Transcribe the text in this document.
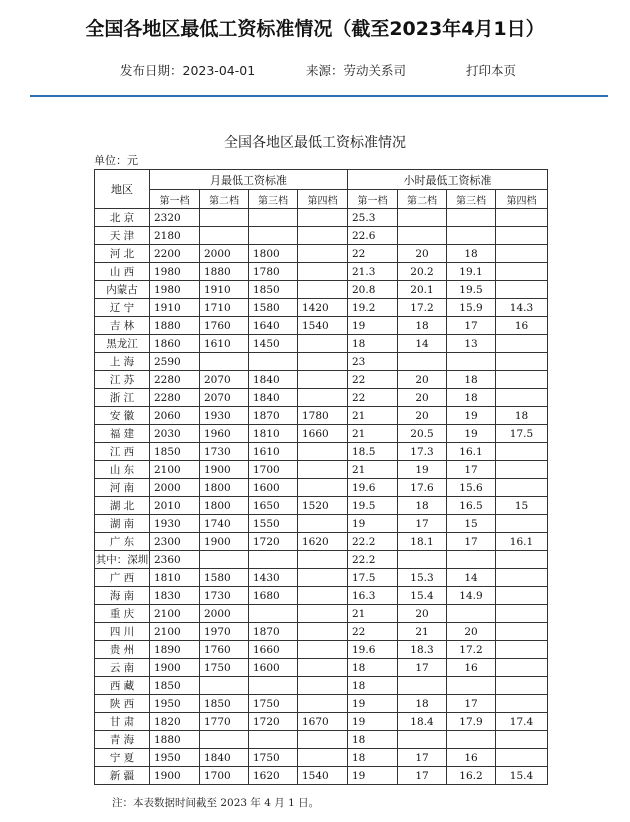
全国各地区最低工资标准情况（截至2023年4月1日）
发布日期：2023-04-01	来源：劳动关系司	打印本页
全国各地区最低工资标准情况
单位：元
地区	月最低工资标准				小时最低工资标准			
	第一档	第二档	第三档	第四档	第一档	第二档	第三档	第四档
北 京	2320				25.3			
天 津	2180				22.6			
河 北	2200	2000	1800		22	20	18	
山 西	1980	1880	1780		21.3	20.2	19.1	
内蒙古	1980	1910	1850		20.8	20.1	19.5	
辽 宁	1910	1710	1580	1420	19.2	17.2	15.9	14.3
吉 林	1880	1760	1640	1540	19	18	17	16
黑龙江	1860	1610	1450		18	14	13	
上 海	2590				23			
江 苏	2280	2070	1840		22	20	18	
浙 江	2280	2070	1840		22	20	18	
安 徽	2060	1930	1870	1780	21	20	19	18
福 建	2030	1960	1810	1660	21	20.5	19	17.5
江 西	1850	1730	1610		18.5	17.3	16.1	
山 东	2100	1900	1700		21	19	17	
河 南	2000	1800	1600		19.6	17.6	15.6	
湖 北	2010	1800	1650	1520	19.5	18	16.5	15
湖 南	1930	1740	1550		19	17	15	
广 东	2300	1900	1720	1620	22.2	18.1	17	16.1
其中：深圳	2360				22.2			
广 西	1810	1580	1430		17.5	15.3	14	
海 南	1830	1730	1680		16.3	15.4	14.9	
重 庆	2100	2000			21	20		
四 川	2100	1970	1870		22	21	20	
贵 州	1890	1760	1660		19.6	18.3	17.2	
云 南	1900	1750	1600		18	17	16	
西 藏	1850				18			
陕 西	1950	1850	1750		19	18	17	
甘 肃	1820	1770	1720	1670	19	18.4	17.9	17.4
青 海	1880				18			
宁 夏	1950	1840	1750		18	17	16	
新 疆	1900	1700	1620	1540	19	17	16.2	15.4
注：本表数据时间截至 2023 年 4 月 1 日。
